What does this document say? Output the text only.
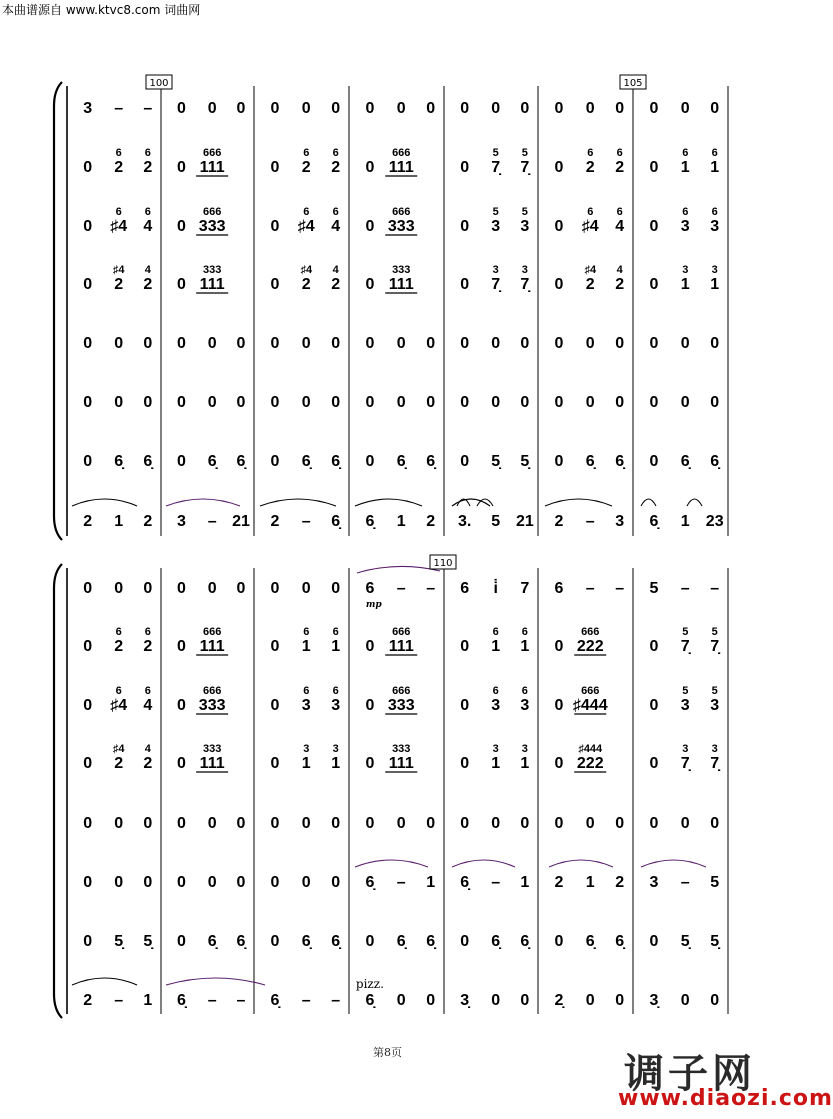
本曲谱源自 www.ktvc8.com 词曲网
3 – – 0 0 0 0 0 0 0 0 0 0 0 0 0 0 0 0 0 0
0 2 2
6 6
0 111
666
0 2 2
6 6
0 111
666
0 7̣ 7̣
5 5
0 2 2
6 6
0 1 1
6 6
0 ♯4 4
6 6
0 333
666
0 ♯4 4
6 6
0 333
666
0 3 3
5 5
0 ♯4 4
6 6
0 3 3
6 6
0 2 2
♯4 4
0 111
333
0 2 2
♯4 4
0 111
333
0 7̣ 7̣
3 3
0 2 2
♯4 4
0 1 1
3 3
0 0 0 0 0 0 0 0 0 0 0 0 0 0 0 0 0 0 0 0 0
0 0 0 0 0 0 0 0 0 0 0 0 0 0 0 0 0 0 0 0 0
0 6̣ 6̣ 0 6̣ 6̣ 0 6̣ 6̣ 0 6̣ 6̣ 0 5̣ 5̣ 0 6̣ 6̣ 0 6̣ 6̣
2 1 2 3 – 21 2 – 6̣ 6̣ 1 2 3. 5 21 2 – 3 6̣ 1 23
100	105
0 0 0 0 0 0 0 0 0 6 – –
mp
6 i̇ 7 6 – – 5 – –
0 2 2
6 6
0 111
666
0 1 1
6 6
0 111
666
0 1 1
6 6
0 222
666
0 7̣ 7̣
5 5
0 ♯4 4
6 6
0 333
666
0 3 3
6 6
0 333
666
0 3 3
6 6
0 ♯444
666
0 3 3
5 5
0 2 2
♯4 4
0 111
333
0 1 1
3 3
0 111
333
0 1 1
3 3
0 222
♯444
0 7̣ 7̣
3 3
0 0 0 0 0 0 0 0 0 0 0 0 0 0 0 0 0 0 0 0 0
0 0 0 0 0 0 0 0 0 6̣ – 1 6̣ – 1 2 1 2 3 – 5
0 5̣ 5̣ 0 6̣ 6̣ 0 6̣ 6̣ 0 6̣ 6̣ 0 6̣ 6̣ 0 6̣ 6̣ 0 5̣ 5̣
2 – 1 6̣ – – 6̣ – – 6̣ 0 0
pizz.
3̣ 0 0 2̣ 0 0 3̣ 0 0
110
第8页	调子网
www.diaozi.com
